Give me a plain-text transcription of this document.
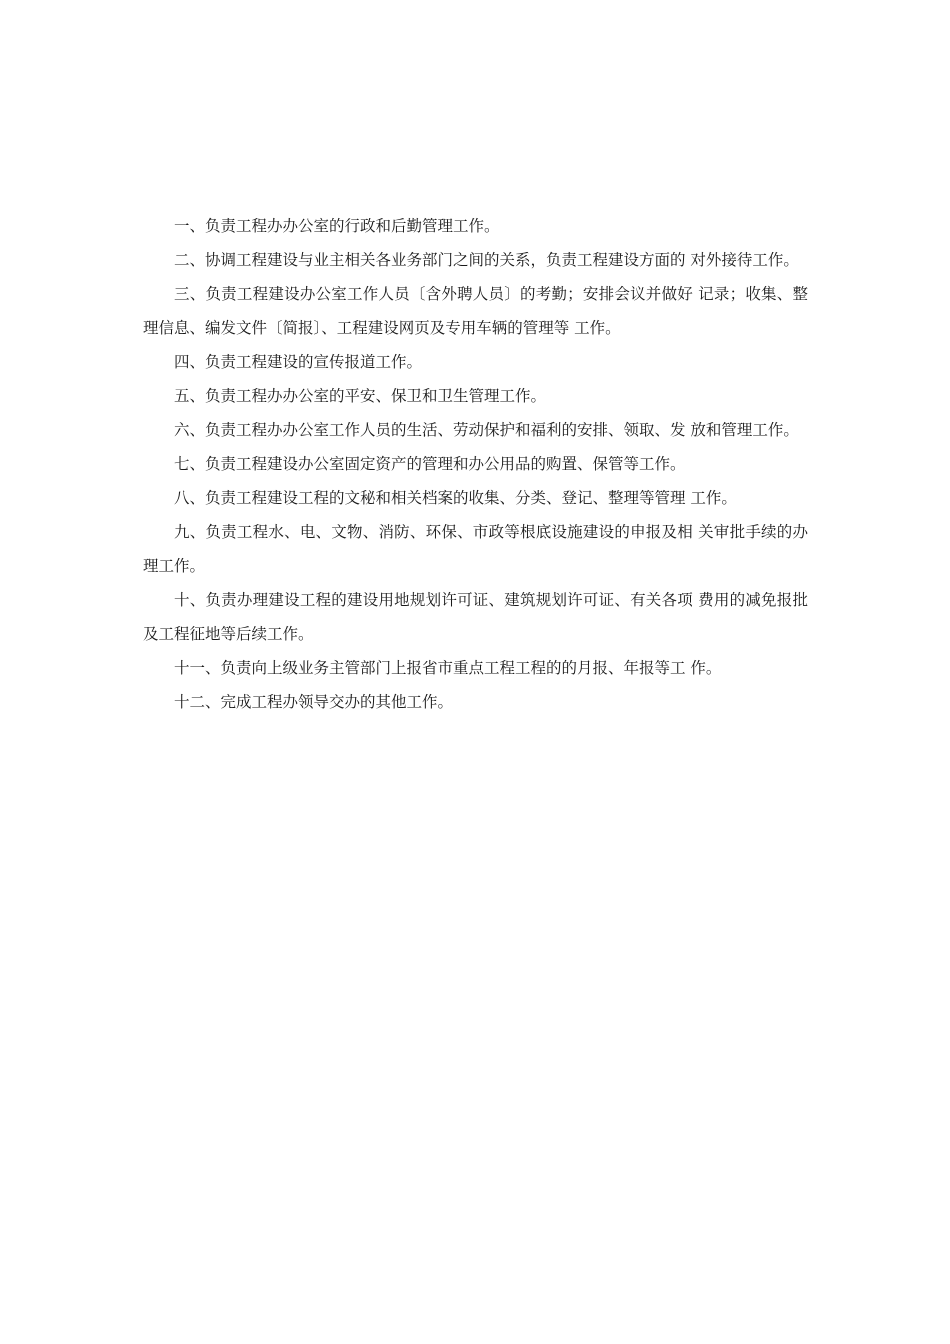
一、负责工程办办公室的行政和后勤管理工作。

二、协调工程建设与业主相关各业务部门之间的关系，负责工程建设方面的 对外接待工作。

三、负责工程建设办公室工作人员〔含外聘人员〕的考勤；安排会议并做好 记录；收集、整理信息、编发文件〔简报〕、工程建设网页及专用车辆的管理等 工作。

四、负责工程建设的宣传报道工作。

五、负责工程办办公室的平安、保卫和卫生管理工作。

六、负责工程办办公室工作人员的生活、劳动保护和福利的安排、领取、发 放和管理工作。

七、负责工程建设办公室固定资产的管理和办公用品的购置、保管等工作。

八、负责工程建设工程的文秘和相关档案的收集、分类、登记、整理等管理 工作。

九、负责工程水、电、文物、消防、环保、市政等根底设施建设的申报及相 关审批手续的办理工作。

十、负责办理建设工程的建设用地规划许可证、建筑规划许可证、有关各项 费用的减免报批及工程征地等后续工作。

十一、负责向上级业务主管部门上报省市重点工程工程的的月报、年报等工 作。

十二、完成工程办领导交办的其他工作。
